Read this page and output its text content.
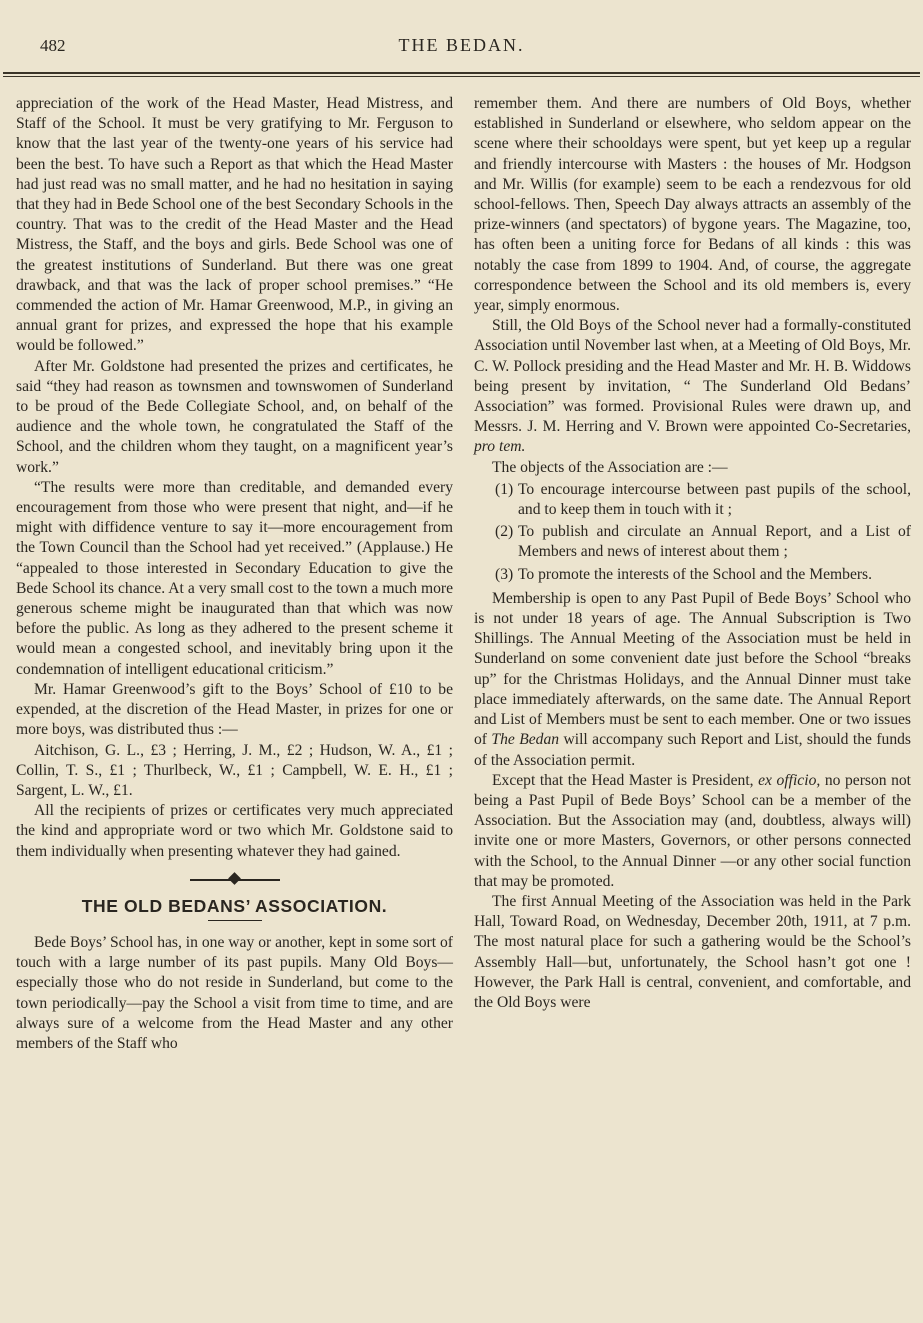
482	THE BEDAN.

appreciation of the work of the Head Master, Head Mistress, and Staff of the School. It must be very gratifying to Mr. Ferguson to know that the last year of the twenty-one years of his service had been the best. To have such a Report as that which the Head Master had just read was no small matter, and he had no hesitation in saying that they had in Bede School one of the best Secondary Schools in the country. That was to the credit of the Head Master and the Head Mistress, the Staff, and the boys and girls. Bede School was one of the greatest institutions of Sunderland. But there was one great drawback, and that was the lack of proper school premises.” “He commended the action of Mr. Hamar Greenwood, M.P., in giving an annual grant for prizes, and expressed the hope that his example would be followed.”

After Mr. Goldstone had presented the prizes and certificates, he said “they had reason as townsmen and townswomen of Sunderland to be proud of the Bede Collegiate School, and, on behalf of the audience and the whole town, he congratulated the Staff of the School, and the children whom they taught, on a magnificent year’s work.”

“The results were more than creditable, and demanded every encouragement from those who were present that night, and—if he might with diffidence venture to say it—more encouragement from the Town Council than the School had yet received.” (Applause.) He “appealed to those interested in Secondary Education to give the Bede School its chance. At a very small cost to the town a much more generous scheme might be inaugurated than that which was now before the public. As long as they adhered to the present scheme it would mean a congested school, and inevitably bring upon it the condemnation of intelligent educational criticism.”

Mr. Hamar Greenwood’s gift to the Boys’ School of £10 to be expended, at the discretion of the Head Master, in prizes for one or more boys, was distributed thus :—

Aitchison, G. L., £3 ; Herring, J. M., £2 ; Hudson, W. A., £1 ; Collin, T. S., £1 ; Thurlbeck, W., £1 ; Campbell, W. E. H., £1 ; Sargent, L. W., £1.

All the recipients of prizes or certificates very much appreciated the kind and appropriate word or two which Mr. Goldstone said to them individually when presenting whatever they had gained.

THE OLD BEDANS’ ASSOCIATION.

Bede Boys’ School has, in one way or another, kept in some sort of touch with a large number of its past pupils. Many Old Boys—especially those who do not reside in Sunderland, but come to the town periodically—pay the School a visit from time to time, and are always sure of a welcome from the Head Master and any other members of the Staff who

remember them. And there are numbers of Old Boys, whether established in Sunderland or elsewhere, who seldom appear on the scene where their schooldays were spent, but yet keep up a regular and friendly intercourse with Masters : the houses of Mr. Hodgson and Mr. Willis (for example) seem to be each a rendezvous for old school-fellows. Then, Speech Day always attracts an assembly of the prize-winners (and spectators) of bygone years. The Magazine, too, has often been a uniting force for Bedans of all kinds : this was notably the case from 1899 to 1904. And, of course, the aggregate correspondence between the School and its old members is, every year, simply enormous.

Still, the Old Boys of the School never had a formally-constituted Association until November last when, at a Meeting of Old Boys, Mr. C. W. Pollock presiding and the Head Master and Mr. H. B. Widdows being present by invitation, “ The Sunderland Old Bedans’ Association” was formed. Provisional Rules were drawn up, and Messrs. J. M. Herring and V. Brown were appointed Co-Secretaries, pro tem.

The objects of the Association are :—

(1) To encourage intercourse between past pupils of the school, and to keep them in touch with it ;
(2) To publish and circulate an Annual Report, and a List of Members and news of interest about them ;
(3) To promote the interests of the School and the Members.

Membership is open to any Past Pupil of Bede Boys’ School who is not under 18 years of age. The Annual Subscription is Two Shillings. The Annual Meeting of the Association must be held in Sunderland on some convenient date just before the School “breaks up” for the Christmas Holidays, and the Annual Dinner must take place immediately afterwards, on the same date. The Annual Report and List of Members must be sent to each member. One or two issues of The Bedan will accompany such Report and List, should the funds of the Association permit.

Except that the Head Master is President, ex officio, no person not being a Past Pupil of Bede Boys’ School can be a member of the Association. But the Association may (and, doubtless, always will) invite one or more Masters, Governors, or other persons connected with the School, to the Annual Dinner —or any other social function that may be promoted.

The first Annual Meeting of the Association was held in the Park Hall, Toward Road, on Wednesday, December 20th, 1911, at 7 p.m. The most natural place for such a gathering would be the School’s Assembly Hall—but, unfortunately, the School hasn’t got one ! However, the Park Hall is central, convenient, and comfortable, and the Old Boys were
